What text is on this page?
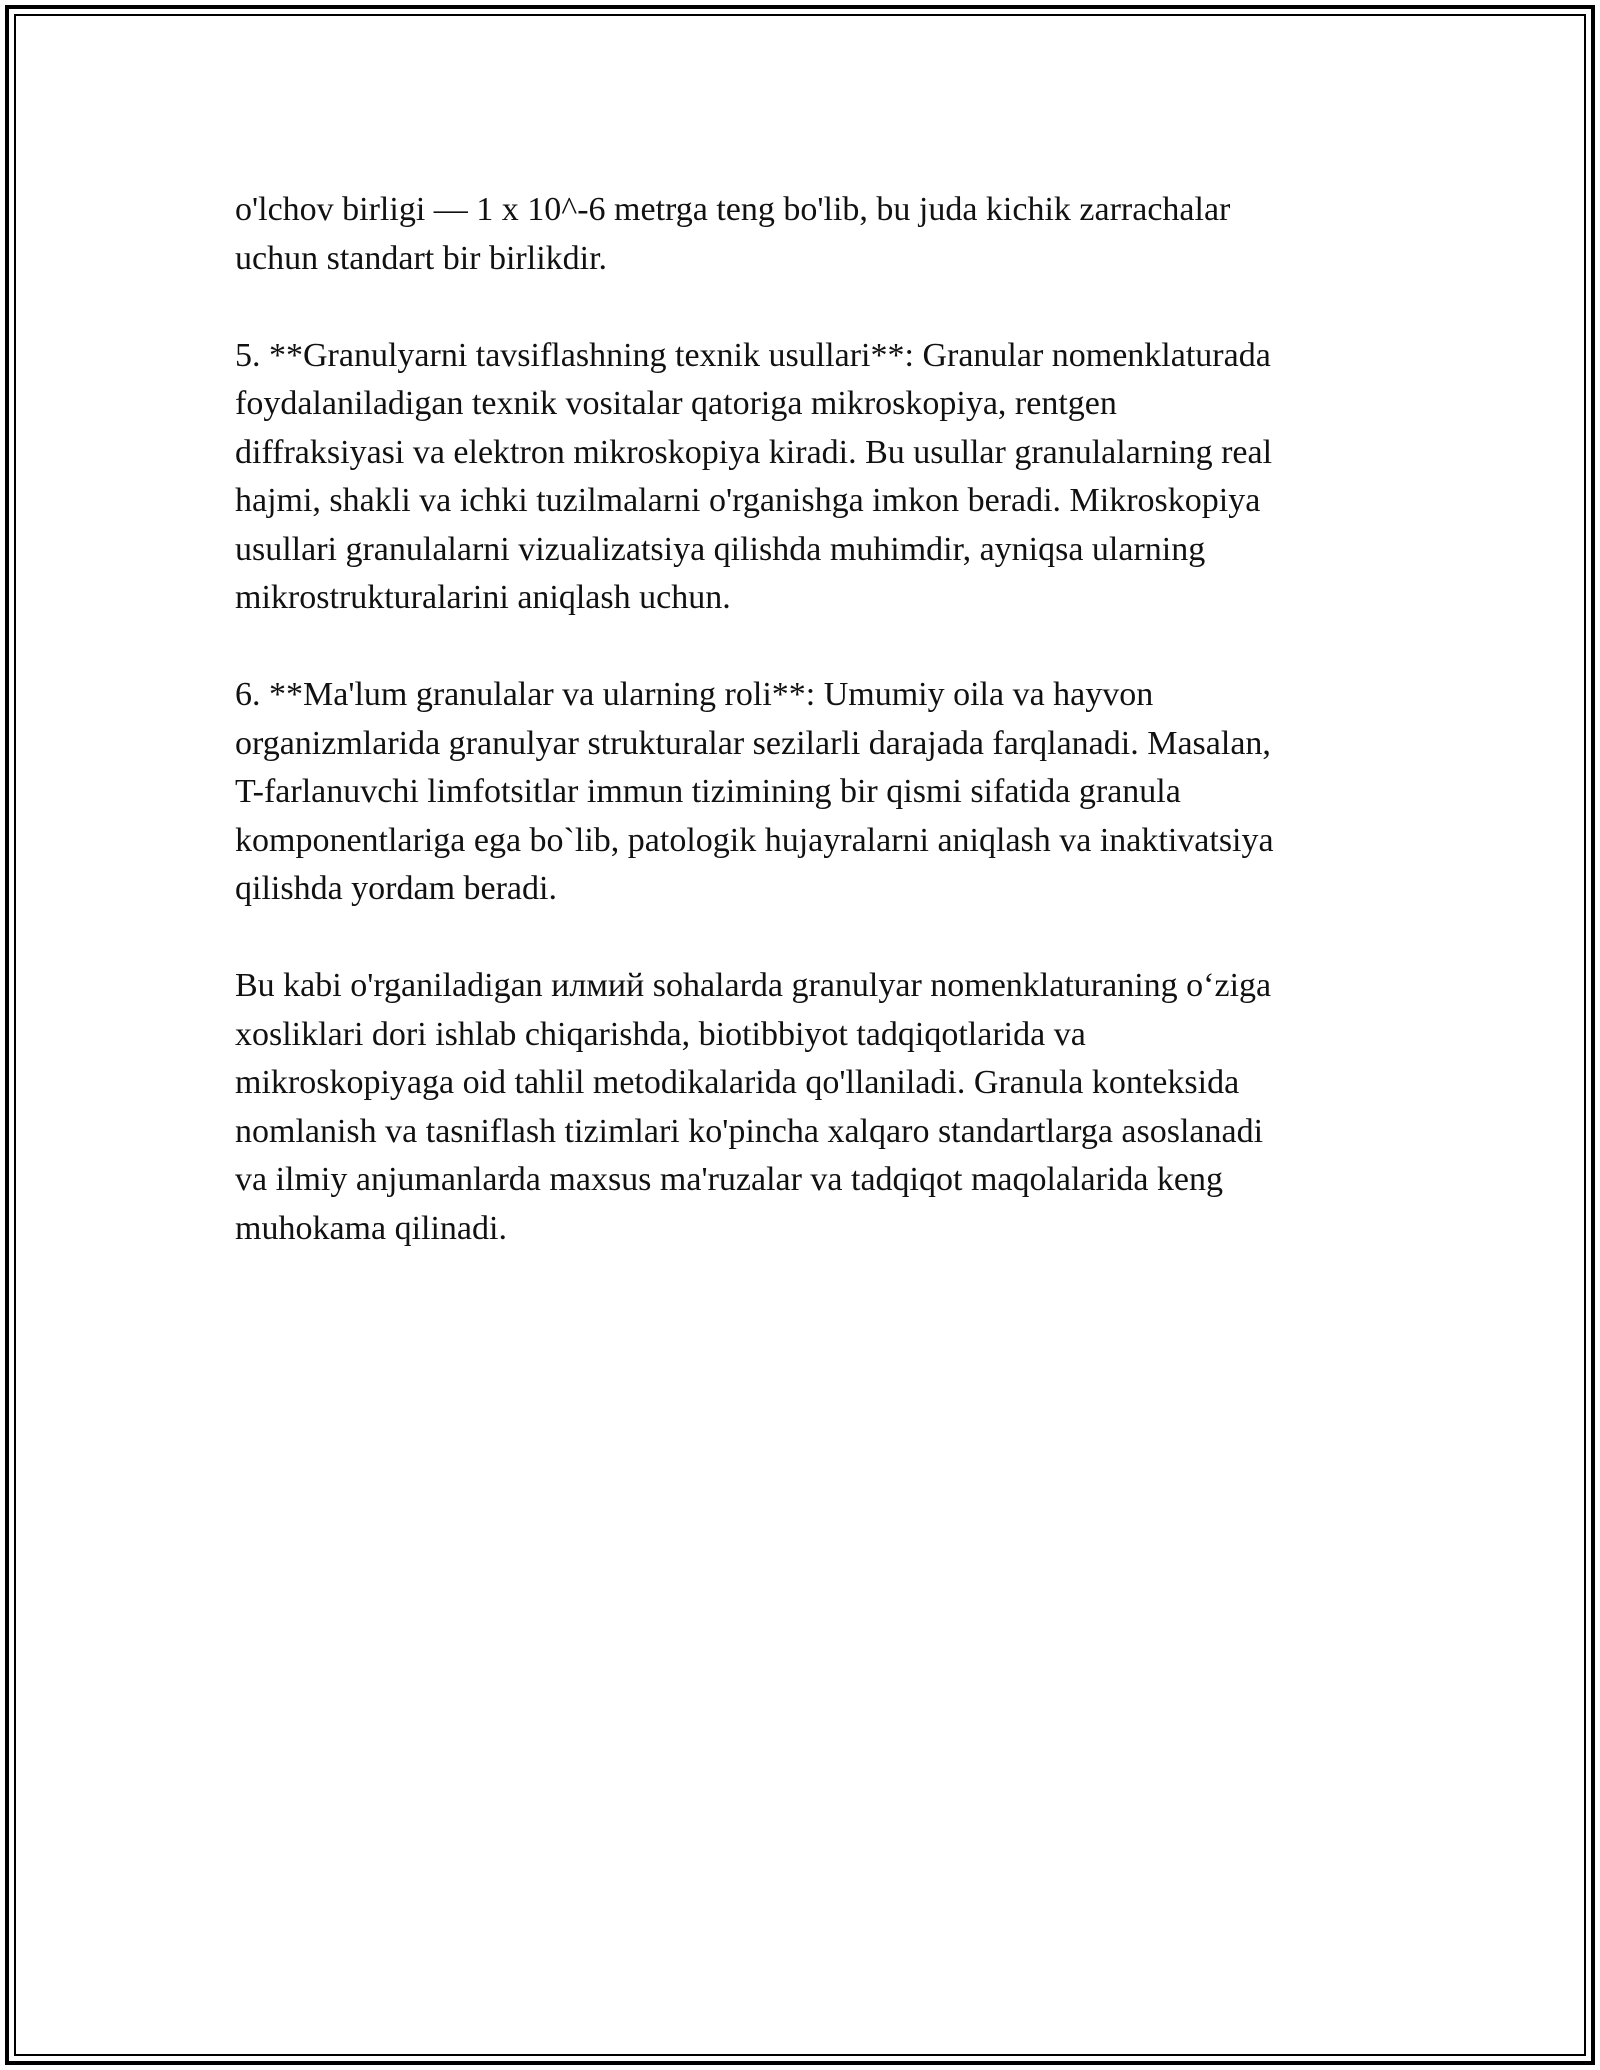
o'lchov birligi — 1 x 10^-6 metrga teng bo'lib, bu juda kichik zarrachalar
uchun standart bir birlikdir.

5. **Granulyarni tavsiflashning texnik usullari**: Granular nomenklaturada
foydalaniladigan texnik vositalar qatoriga mikroskopiya, rentgen
diffraksiyasi va elektron mikroskopiya kiradi. Bu usullar granulalarning real
hajmi, shakli va ichki tuzilmalarni o'rganishga imkon beradi. Mikroskopiya
usullari granulalarni vizualizatsiya qilishda muhimdir, ayniqsa ularning
mikrostrukturalarini aniqlash uchun.

6. **Ma'lum granulalar va ularning roli**: Umumiy oila va hayvon
organizmlarida granulyar strukturalar sezilarli darajada farqlanadi. Masalan,
T-farlanuvchi limfotsitlar immun tizimining bir qismi sifatida granula
komponentlariga ega bo`lib, patologik hujayralarni aniqlash va inaktivatsiya
qilishda yordam beradi.

Bu kabi o'rganiladigan илмий sohalarda granulyar nomenklaturaning o‘ziga
xosliklari dori ishlab chiqarishda, biotibbiyot tadqiqotlarida va
mikroskopiyaga oid tahlil metodikalarida qo'llaniladi. Granula konteksida
nomlanish va tasniflash tizimlari ko'pincha xalqaro standartlarga asoslanadi
va ilmiy anjumanlarda maxsus ma'ruzalar va tadqiqot maqolalarida keng
muhokama qilinadi.
